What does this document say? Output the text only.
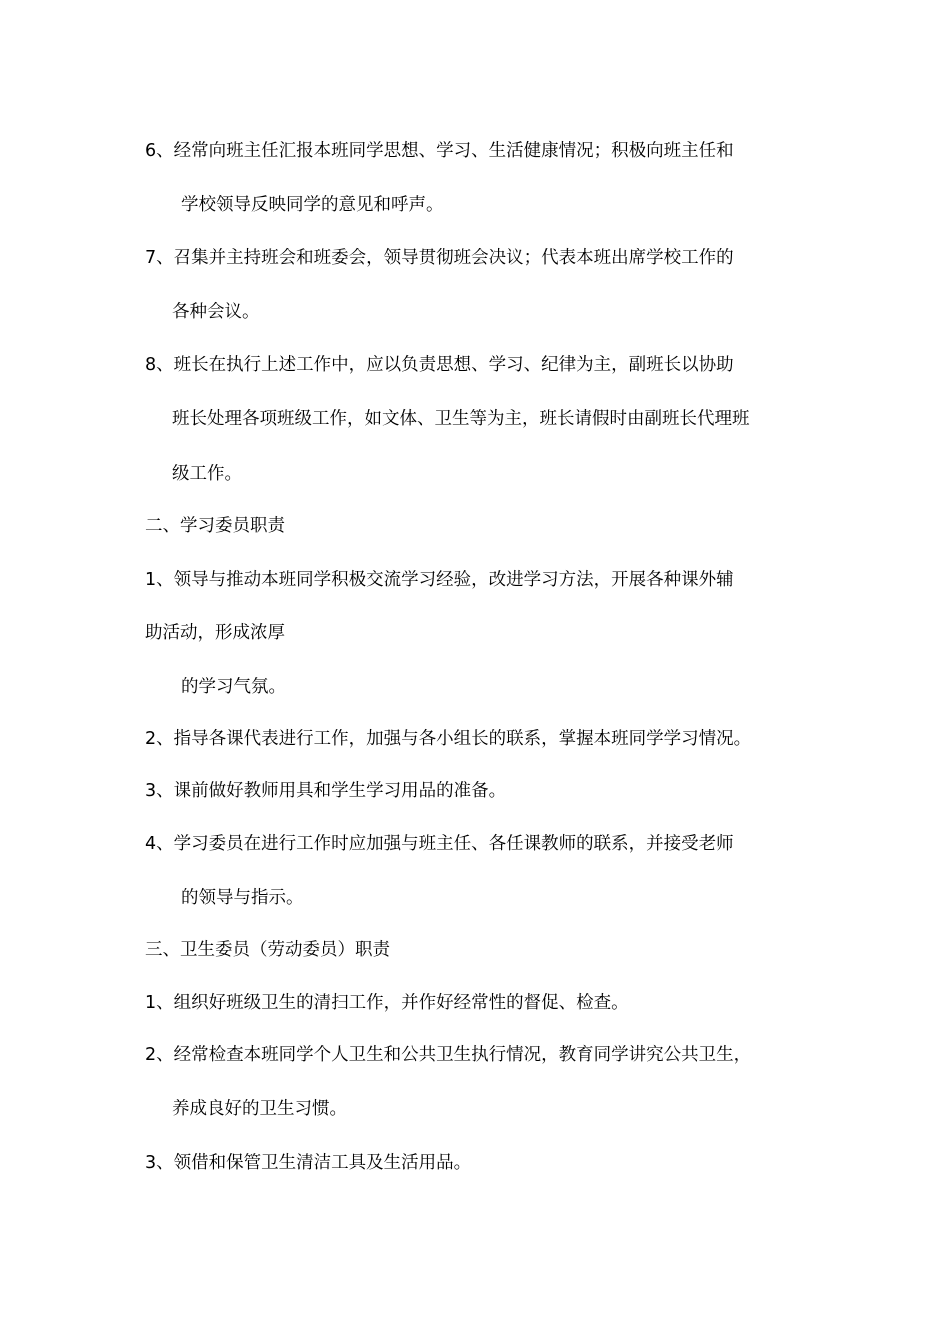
6、经常向班主任汇报本班同学思想、学习、生活健康情况；积极向班主任和
学校领导反映同学的意见和呼声。
7、召集并主持班会和班委会，领导贯彻班会决议；代表本班出席学校工作的
各种会议。
8、班长在执行上述工作中，应以负责思想、学习、纪律为主，副班长以协助
班长处理各项班级工作，如文体、卫生等为主，班长请假时由副班长代理班
级工作。
二、学习委员职责
1、领导与推动本班同学积极交流学习经验，改进学习方法，开展各种课外辅
助活动，形成浓厚
的学习气氛。
2、指导各课代表进行工作，加强与各小组长的联系，掌握本班同学学习情况。
3、课前做好教师用具和学生学习用品的准备。
4、学习委员在进行工作时应加强与班主任、各任课教师的联系，并接受老师
的领导与指示。
三、卫生委员（劳动委员）职责
1、组织好班级卫生的清扫工作，并作好经常性的督促、检查。
2、经常检查本班同学个人卫生和公共卫生执行情况，教育同学讲究公共卫生，
养成良好的卫生习惯。
3、领借和保管卫生清洁工具及生活用品。
